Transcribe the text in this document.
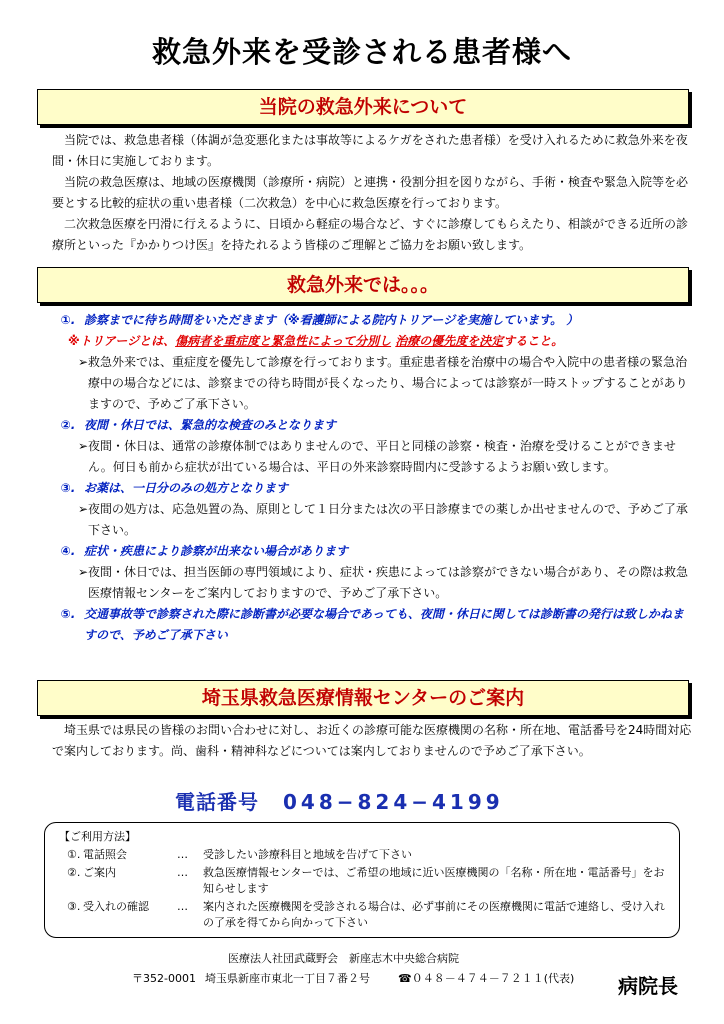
救急外来を受診される患者様へ
当院の救急外来について

当院では、救急患者様（体調が急変悪化または事故等によるケガをされた患者様）を受け入れるために救急外来を夜間・休日に実施しております。

当院の救急医療は、地域の医療機関（診療所・病院）と連携・役割分担を図りながら、手術・検査や緊急入院等を必要とする比較的症状の重い患者様（二次救急）を中心に救急医療を行っております。

二次救急医療を円滑に行えるように、日頃から軽症の場合など、すぐに診療してもらえたり、相談ができる近所の診療所といった『かかりつけ医』を持たれるよう皆様のご理解とご協力をお願い致します。

救急外来では。。。

①. 診察までに待ち時間をいただきます（※看護師による院内トリアージを実施しています。 ）

※トリアージとは、傷病者を重症度と緊急性によって分別し 治療の優先度を決定すること。

➢救急外来では、重症度を優先して診療を行っております。重症患者様を治療中の場合や入院中の患者様の緊急治療中の場合などには、診察までの待ち時間が長くなったり、場合によっては診察が一時ストップすることがありますので、予めご了承下さい。

②. 夜間・休日では、緊急的な検査のみとなります

➢夜間・休日は、通常の診療体制ではありませんので、平日と同様の診察・検査・治療を受けることができません。何日も前から症状が出ている場合は、平日の外来診察時間内に受診するようお願い致します。

③. お薬は、一日分のみの処方となります

➢夜間の処方は、応急処置の為、原則として１日分または次の平日診療までの薬しか出せませんので、予めご了承下さい。

④. 症状・疾患により診察が出来ない場合があります

➢夜間・休日では、担当医師の専門領域により、症状・疾患によっては診察ができない場合があり、その際は救急医療情報センターをご案内しておりますので、予めご了承下さい。

⑤. 交通事故等で診察された際に診断書が必要な場合であっても、夜間・休日に関しては診断書の発行は致しかねますので、予めご了承下さい

埼玉県救急医療情報センターのご案内

埼玉県では県民の皆様のお問い合わせに対し、お近くの診療可能な医療機関の名称・所在地、電話番号を24時間対応で案内しております。尚、歯科・精神科などについては案内しておりませんので予めご了承下さい。

電話番号 048−824−4199
【ご利用方法】
①. 電話照会	…	受診したい診療科目と地域を告げて下さい
②. ご案内	…	救急医療情報センターでは、ご希望の地域に近い医療機関の「名称・所在地・電話番号」をお知らせします
③. 受入れの確認	…	案内された医療機関を受診される場合は、必ず事前にその医療機関に電話で連絡し、受け入れの了承を得てから向かって下さい
医療法人社団武蔵野会　新座志木中央総合病院
〒352-0001 埼玉県新座市東北一丁目７番２号	☎０４８－４７４－７２１１(代表) 病院長
